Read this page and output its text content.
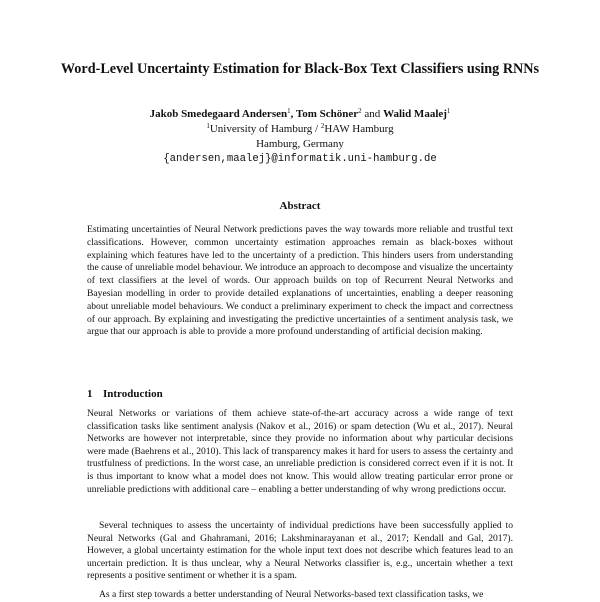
Word-Level Uncertainty Estimation for Black-Box Text Classifiers using RNNs
Jakob Smedegaard Andersen$^1$, Tom Schöner$^2$ and Walid Maalej$^1$
$^1$University of Hamburg / $^2$HAW Hamburg
Hamburg, Germany
{andersen,maalej}@informatik.uni-hamburg.de
Abstract

Estimating uncertainties of Neural Network predictions paves the way towards more reliable and trustful text classifications. However, common uncertainty estimation approaches remain as black-boxes without explaining which features have led to the uncertainty of a prediction. This hinders users from understanding the cause of unreliable model behaviour. We introduce an approach to decompose and visualize the uncertainty of text classifiers at the level of words. Our approach builds on top of Recurrent Neural Networks and Bayesian modelling in order to provide detailed explanations of uncertainties, enabling a deeper reasoning about unreliable model behaviours. We conduct a preliminary experiment to check the impact and correctness of our approach. By explaining and investigating the predictive uncertainties of a sentiment analysis task, we argue that our approach is able to provide a more profound understanding of artificial decision making.

1 Introduction

Neural Networks or variations of them achieve state-of-the-art accuracy across a wide range of text classification tasks like sentiment analysis (Nakov et al., 2016) or spam detection (Wu et al., 2017). Neural Networks are however not interpretable, since they provide no information about why particular decisions were made (Baehrens et al., 2010). This lack of transparency makes it hard for users to assess the certainty and trustfulness of predictions. In the worst case, an unreliable prediction is considered correct even if it is not. It is thus important to know what a model does not know. This would allow treating particular error prone or unreliable predictions with additional care – enabling a better understanding of why wrong predictions occur.

Several techniques to assess the uncertainty of individual predictions have been successfully applied to Neural Networks (Gal and Ghahramani, 2016; Lakshminarayanan et al., 2017; Kendall and Gal, 2017). However, a global uncertainty estimation for the whole input text does not describe which features lead to an uncertain prediction. It is thus unclear, why a Neural Networks classifier is, e.g., uncertain whether a text represents a positive sentiment or whether it is a spam.

As a first step towards a better understanding of Neural Networks-based text classification tasks, we
